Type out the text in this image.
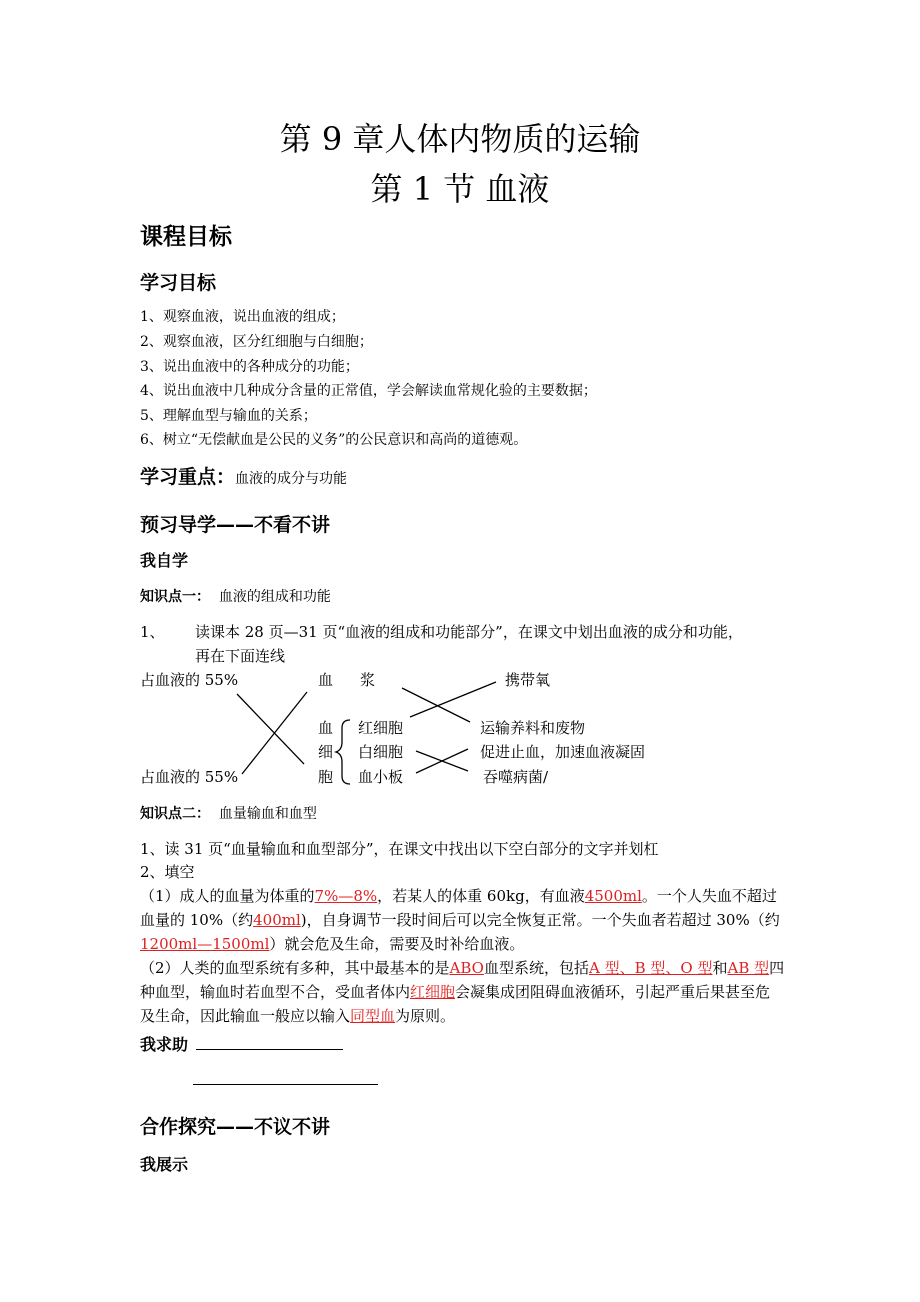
第 9 章人体内物质的运输
第 1 节 血液
课程目标
学习目标
1、观察血液，说出血液的组成；
2、观察血液，区分红细胞与白细胞；
3、说出血液中的各种成分的功能；
4、说出血液中几种成分含量的正常值，学会解读血常规化验的主要数据；
5、理解血型与输血的关系；
6、树立“无偿献血是公民的义务”的公民意识和高尚的道德观。
学习重点：血液的成分与功能
预习导学——不看不讲
我自学
知识点一： 血液的组成和功能
1、 读课本 28 页—31 页“血液的组成和功能部分”，在课文中划出血液的成分和功能，
再在下面连线
占血液的 55%
占血液的 55%
血 浆
血
细
胞
红细胞
白细胞
血小板
携带氧
运输养料和废物
促进止血，加速血液凝固
吞噬病菌/
知识点二： 血量输血和血型
1、读 31 页“血量输血和血型部分”，在课文中找出以下空白部分的文字并划杠
2、填空
（1）成人的血量为体重的7%—8%，若某人的体重 60kg，有血液4500ml。一个人失血不超过血量的 10%（约400ml)，自身调节一段时间后可以完全恢复正常。一个失血者若超过 30%（约1200ml—1500ml）就会危及生命，需要及时补给血液。
（2）人类的血型系统有多种，其中最基本的是ABO血型系统，包括A 型、B 型、O 型和AB 型四种血型，输血时若血型不合，受血者体内红细胞会凝集成团阻碍血液循环，引起严重后果甚至危及生命，因此输血一般应以输入同型血为原则。
我求助
合作探究——不议不讲
我展示
